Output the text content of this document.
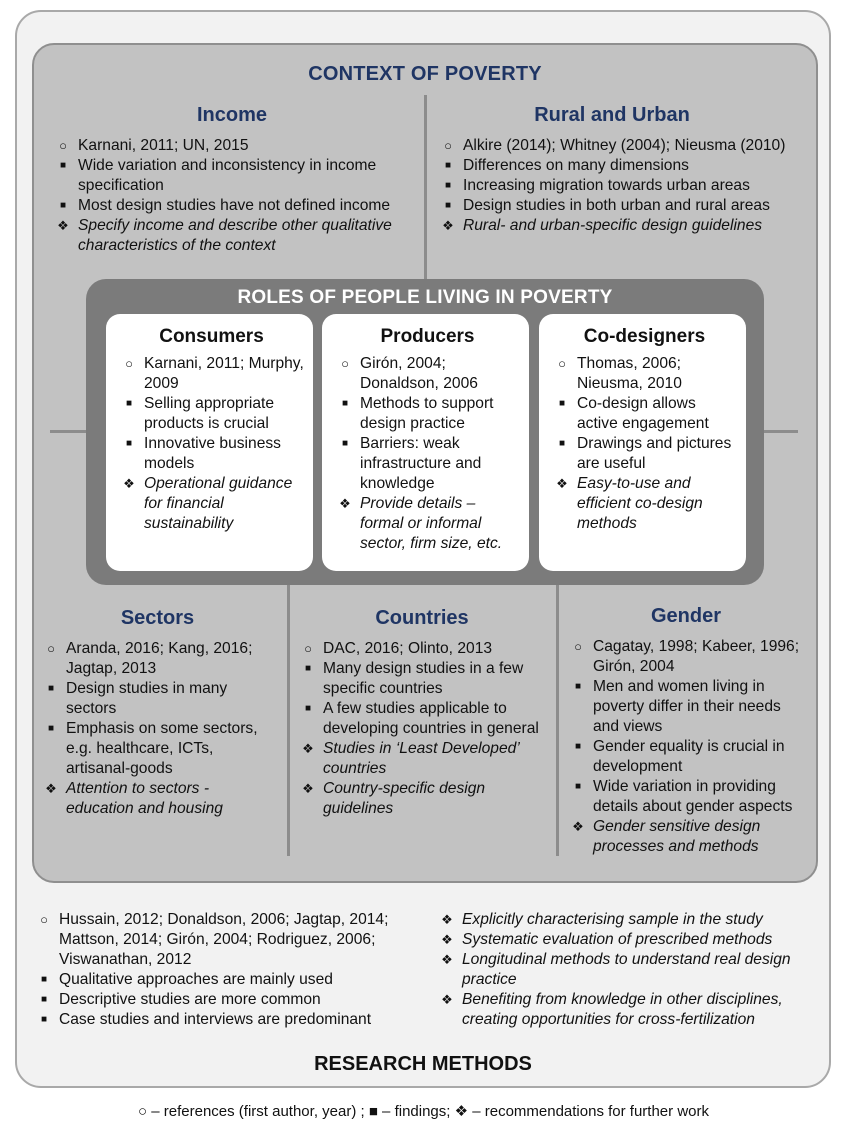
CONTEXT OF POVERTY
Income
○ Karnani, 2011; UN, 2015
■ Wide variation and inconsistency in income specification
■ Most design studies have not defined income
❖ Specify income and describe other qualitative characteristics of the context
Rural and Urban
○ Alkire (2014); Whitney (2004); Nieusma (2010)
■ Differences on many dimensions
■ Increasing migration towards urban areas
■ Design studies in both urban and rural areas
❖ Rural- and urban-specific design guidelines
ROLES OF PEOPLE LIVING IN POVERTY
Consumers
○ Karnani, 2011; Murphy, 2009
■ Selling appropriate products is crucial
■ Innovative business models
❖ Operational guidance for financial sustainability
Producers
○ Girón, 2004; Donaldson, 2006
■ Methods to support design practice
■ Barriers: weak infrastructure and knowledge
❖ Provide details – formal or informal sector, firm size, etc.
Co-designers
○ Thomas, 2006; Nieusma, 2010
■ Co-design allows active engagement
■ Drawings and pictures are useful
❖ Easy-to-use and efficient co-design methods
Sectors
○ Aranda, 2016; Kang, 2016; Jagtap, 2013
■ Design studies in many sectors
■ Emphasis on some sectors, e.g. healthcare, ICTs, artisanal-goods
❖ Attention to sectors - education and housing
Countries
○ DAC, 2016; Olinto, 2013
■ Many design studies in a few specific countries
■ A few studies applicable to developing countries in general
❖ Studies in ‘Least Developed’ countries
❖ Country-specific design guidelines
Gender
○ Cagatay, 1998; Kabeer, 1996; Girón, 2004
■ Men and women living in poverty differ in their needs and views
■ Gender equality is crucial in development
■ Wide variation in providing details about gender aspects
❖ Gender sensitive design processes and methods
○ Hussain, 2012; Donaldson, 2006; Jagtap, 2014; Mattson, 2014; Girón, 2004; Rodriguez, 2006; Viswanathan, 2012
■ Qualitative approaches are mainly used
■ Descriptive studies are more common
■ Case studies and interviews are predominant
❖ Explicitly characterising sample in the study
❖ Systematic evaluation of prescribed methods
❖ Longitudinal methods to understand real design practice
❖ Benefiting from knowledge in other disciplines, creating opportunities for cross-fertilization
RESEARCH METHODS
○ – references (first author, year) ; ■ – findings; ❖ – recommendations for further work
